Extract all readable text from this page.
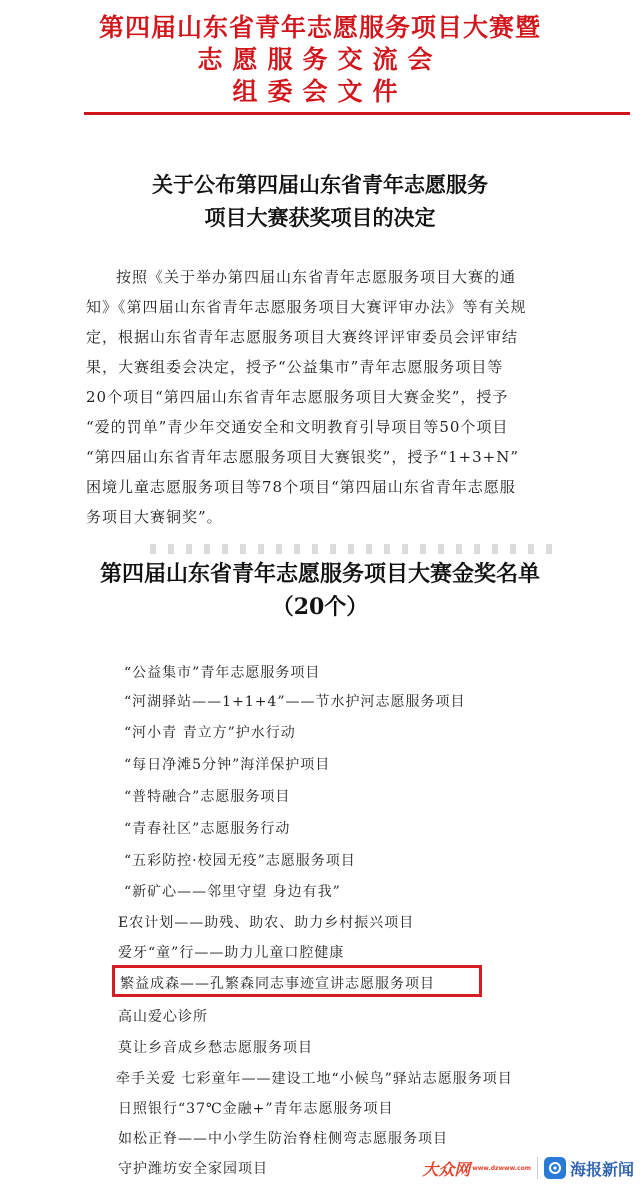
第四届山东省青年志愿服务项目大赛暨
志愿服务交流会
组委会文件
关于公布第四届山东省青年志愿服务
项目大赛获奖项目的决定
按照《关于举办第四届山东省青年志愿服务项目大赛的通
知》《第四届山东省青年志愿服务项目大赛评审办法》等有关规
定，根据山东省青年志愿服务项目大赛终评评审委员会评审结
果，大赛组委会决定，授予“公益集市”青年志愿服务项目等
20个项目“第四届山东省青年志愿服务项目大赛金奖”，授予
“爱的罚单”青少年交通安全和文明教育引导项目等50个项目
“第四届山东省青年志愿服务项目大赛银奖”，授予“1+3+N”
困境儿童志愿服务项目等78个项目“第四届山东省青年志愿服
务项目大赛铜奖”。
第四届山东省青年志愿服务项目大赛金奖名单
（20个）
“公益集市”青年志愿服务项目
“河湖驿站——1+1+4”——节水护河志愿服务项目
“河小青 青立方”护水行动
“每日净滩5分钟”海洋保护项目
“普特融合”志愿服务项目
“青春社区”志愿服务行动
“五彩防控·校园无疫”志愿服务项目
“新矿心——邻里守望 身边有我”
E农计划——助残、助农、助力乡村振兴项目
爱牙“童”行——助力儿童口腔健康
繁益成森——孔繁森同志事迹宣讲志愿服务项目
高山爱心诊所
莫让乡音成乡愁志愿服务项目
牵手关爱 七彩童年——建设工地“小候鸟”驿站志愿服务项目
日照银行“37℃金融+”青年志愿服务项目
如松正脊——中小学生防治脊柱侧弯志愿服务项目
守护潍坊安全家园项目	大众网 www.dzwww.com 海报新闻
